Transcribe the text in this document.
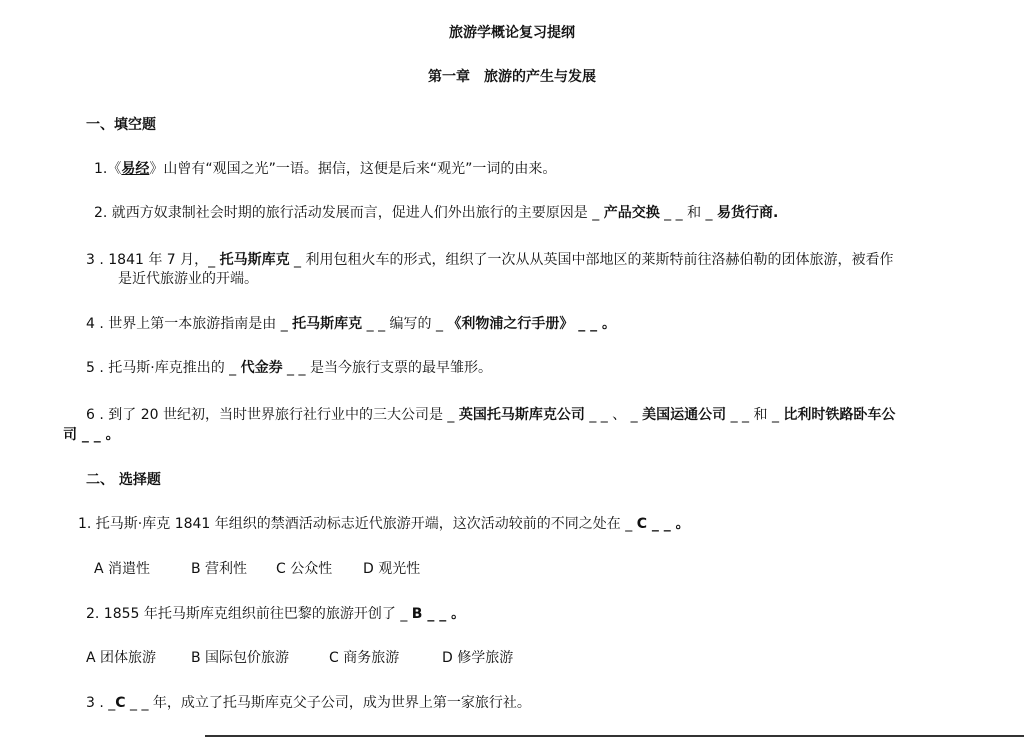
旅游学概论复习提纲
第一章　旅游的产生与发展
一、填空题
1.《易经》山曾有“观国之光”一语。据信，这便是后来“观光”一词的由来。
2. 就西方奴隶制社会时期的旅行活动发展而言，促进人们外出旅行的主要原因是 _ 产品交换 _ _ 和 _ 易货行商.
3 . 1841 年 7 月，_ 托马斯库克 _ 利用包租火车的形式，组织了一次从从英国中部地区的莱斯特前往洛赫伯勒的团体旅游，被看作
是近代旅游业的开端。
4 . 世界上第一本旅游指南是由 _ 托马斯库克 _ _ 编写的 _ 《利物浦之行手册》 _ _ 。
5 . 托马斯·库克推出的 _ 代金券 _ _ 是当今旅行支票的最早雏形。
6 . 到了 20 世纪初，当时世界旅行社行业中的三大公司是 _ 英国托马斯库克公司 _ _ 、 _ 美国运通公司 _ _ 和 _ 比利时铁路卧车公
司 _ _ 。
二、 选择题
1. 托马斯·库克 1841 年组织的禁酒活动标志近代旅游开端，这次活动较前的不同之处在 _ C _ _ 。
A 消遣性	B 营利性 C 公众性 D 观光性
2. 1855 年托马斯库克组织前往巴黎的旅游开创了 _ B _ _ 。
A 团体旅游 B 国际包价旅游	C 商务旅游	D 修学旅游
3 . _C _ _ 年，成立了托马斯库克父子公司，成为世界上第一家旅行社。
